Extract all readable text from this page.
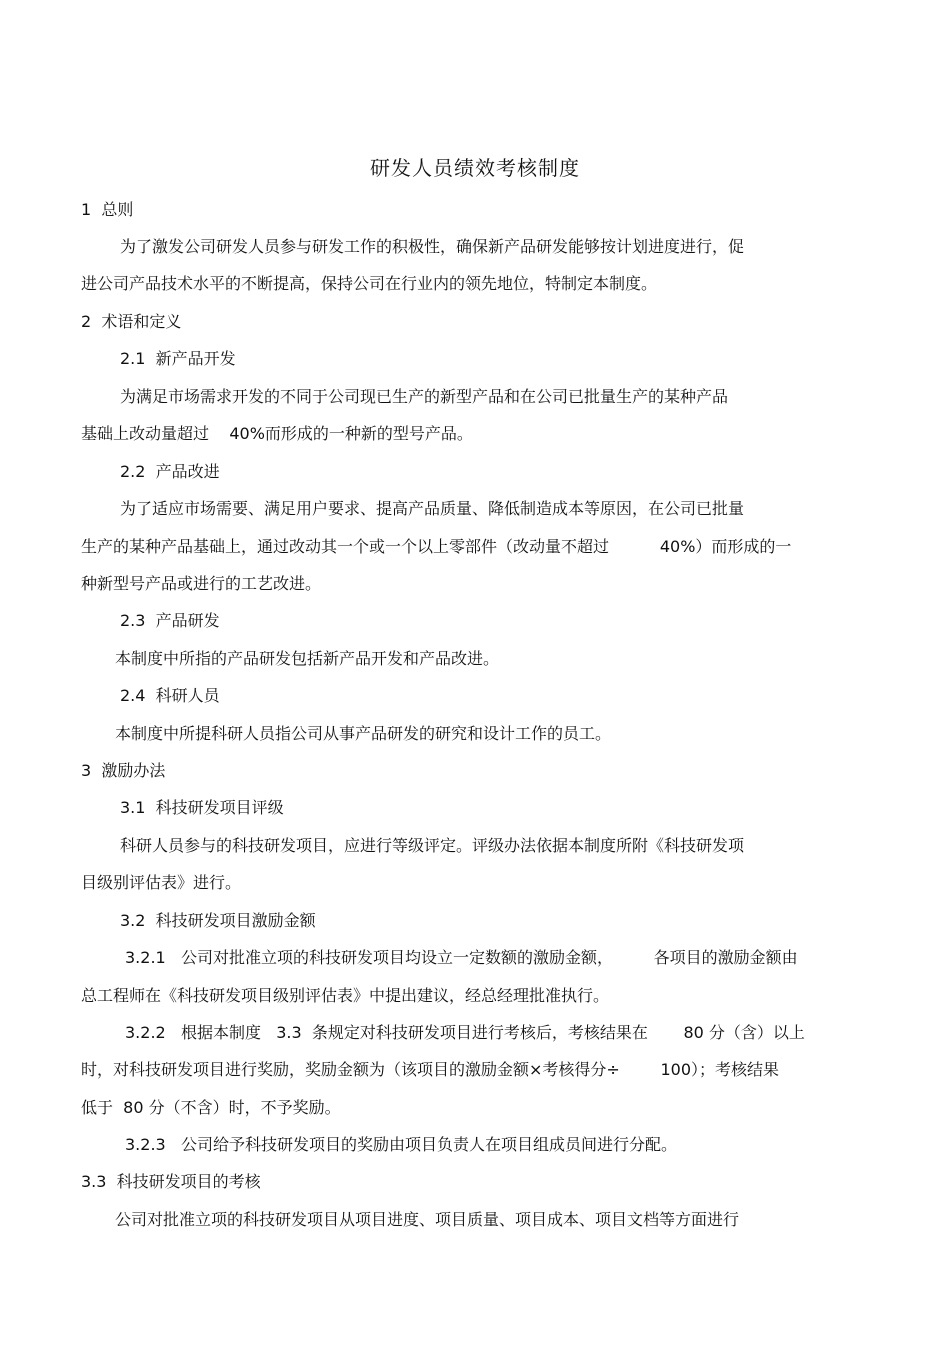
研发人员绩效考核制度
1  总则
为了激发公司研发人员参与研发工作的积极性，确保新产品研发能够按计划进度进行，促
进公司产品技术水平的不断提高，保持公司在行业内的领先地位，特制定本制度。
2  术语和定义
2.1  新产品开发
为满足市场需求开发的不同于公司现已生产的新型产品和在公司已批量生产的某种产品
基础上改动量超过    40%而形成的一种新的型号产品。
2.2  产品改进
为了适应市场需要、满足用户要求、提高产品质量、降低制造成本等原因，在公司已批量
生产的某种产品基础上，通过改动其一个或一个以上零部件（改动量不超过          40%）而形成的一
种新型号产品或进行的工艺改进。
2.3  产品研发
本制度中所指的产品研发包括新产品开发和产品改进。
2.4  科研人员
本制度中所提科研人员指公司从事产品研发的研究和设计工作的员工。
3  激励办法
3.1  科技研发项目评级
科研人员参与的科技研发项目，应进行等级评定。评级办法依据本制度所附《科技研发项
目级别评估表》进行。
3.2  科技研发项目激励金额
3.2.1   公司对批准立项的科技研发项目均设立一定数额的激励金额，        各项目的激励金额由
总工程师在《科技研发项目级别评估表》中提出建议，经总经理批准执行。
3.2.2   根据本制度   3.3  条规定对科技研发项目进行考核后，考核结果在       80 分（含）以上
时，对科技研发项目进行奖励，奖励金额为（该项目的激励金额×考核得分÷        100）；考核结果
低于  80 分（不含）时，不予奖励。
3.2.3   公司给予科技研发项目的奖励由项目负责人在项目组成员间进行分配。
3.3  科技研发项目的考核
公司对批准立项的科技研发项目从项目进度、项目质量、项目成本、项目文档等方面进行
